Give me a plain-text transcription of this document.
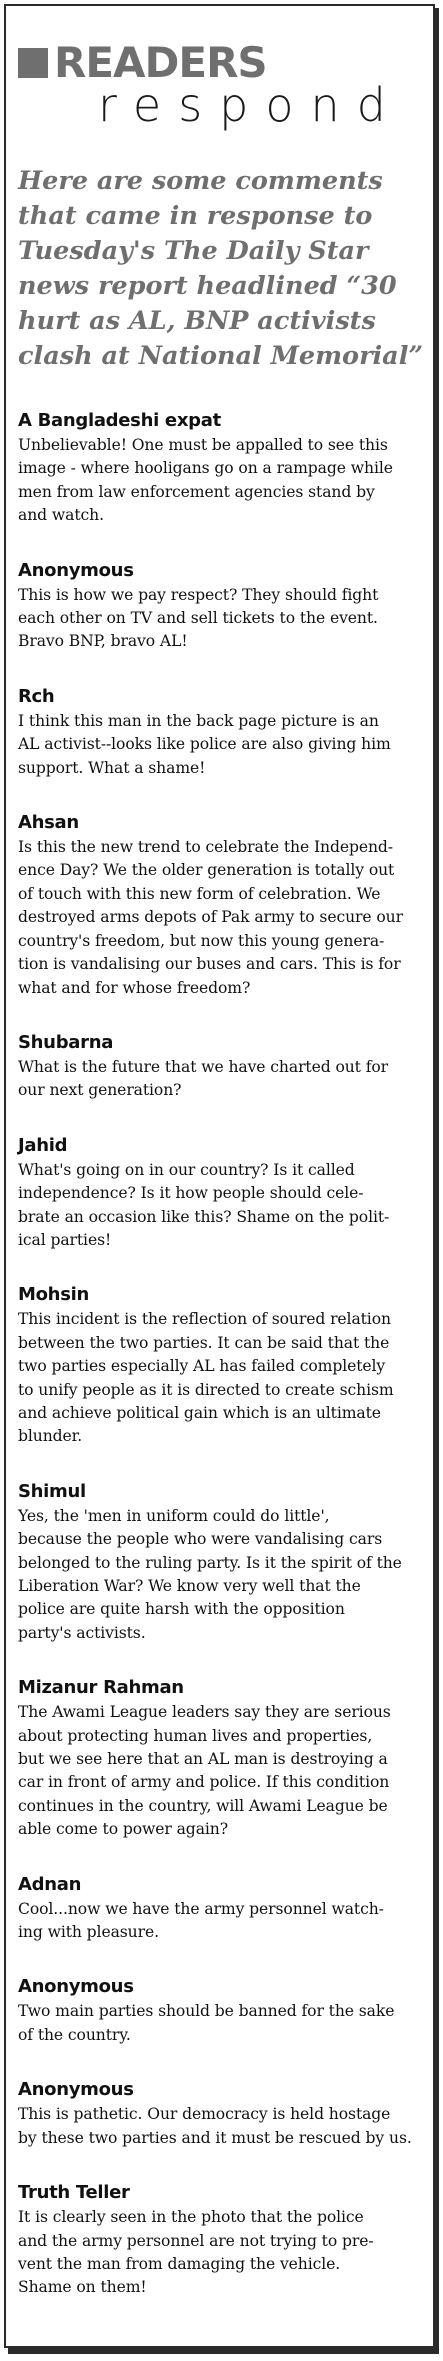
READERS
respond

Here are some comments that came in response to Tuesday's The Daily Star news report headlined “30 hurt as AL, BNP activists clash at National Memorial”

A Bangladeshi expat

Unbelievable! One must be appalled to see this
image - where hooligans go on a rampage while
men from law enforcement agencies stand by
and watch.

Anonymous

This is how we pay respect? They should fight
each other on TV and sell tickets to the event.
Bravo BNP, bravo AL!

Rch

I think this man in the back page picture is an
AL activist--looks like police are also giving him
support. What a shame!

Ahsan

Is this the new trend to celebrate the Independ-
ence Day? We the older generation is totally out
of touch with this new form of celebration. We
destroyed arms depots of Pak army to secure our
country's freedom, but now this young genera-
tion is vandalising our buses and cars. This is for
what and for whose freedom?

Shubarna

What is the future that we have charted out for
our next generation?

Jahid

What's going on in our country? Is it called
independence? Is it how people should cele-
brate an occasion like this? Shame on the polit-
ical parties!

Mohsin

This incident is the reflection of soured relation
between the two parties. It can be said that the
two parties especially AL has failed completely
to unify people as it is directed to create schism
and achieve political gain which is an ultimate
blunder.

Shimul

Yes, the 'men in uniform could do little',
because the people who were vandalising cars
belonged to the ruling party. Is it the spirit of the
Liberation War? We know very well that the
police are quite harsh with the opposition
party's activists.

Mizanur Rahman

The Awami League leaders say they are serious
about protecting human lives and properties,
but we see here that an AL man is destroying a
car in front of army and police. If this condition
continues in the country, will Awami League be
able come to power again?

Adnan

Cool...now we have the army personnel watch-
ing with pleasure.

Anonymous

Two main parties should be banned for the sake
of the country.

Anonymous

This is pathetic. Our democracy is held hostage
by these two parties and it must be rescued by us.

Truth Teller

It is clearly seen in the photo that the police
and the army personnel are not trying to pre-
vent the man from damaging the vehicle.
Shame on them!
